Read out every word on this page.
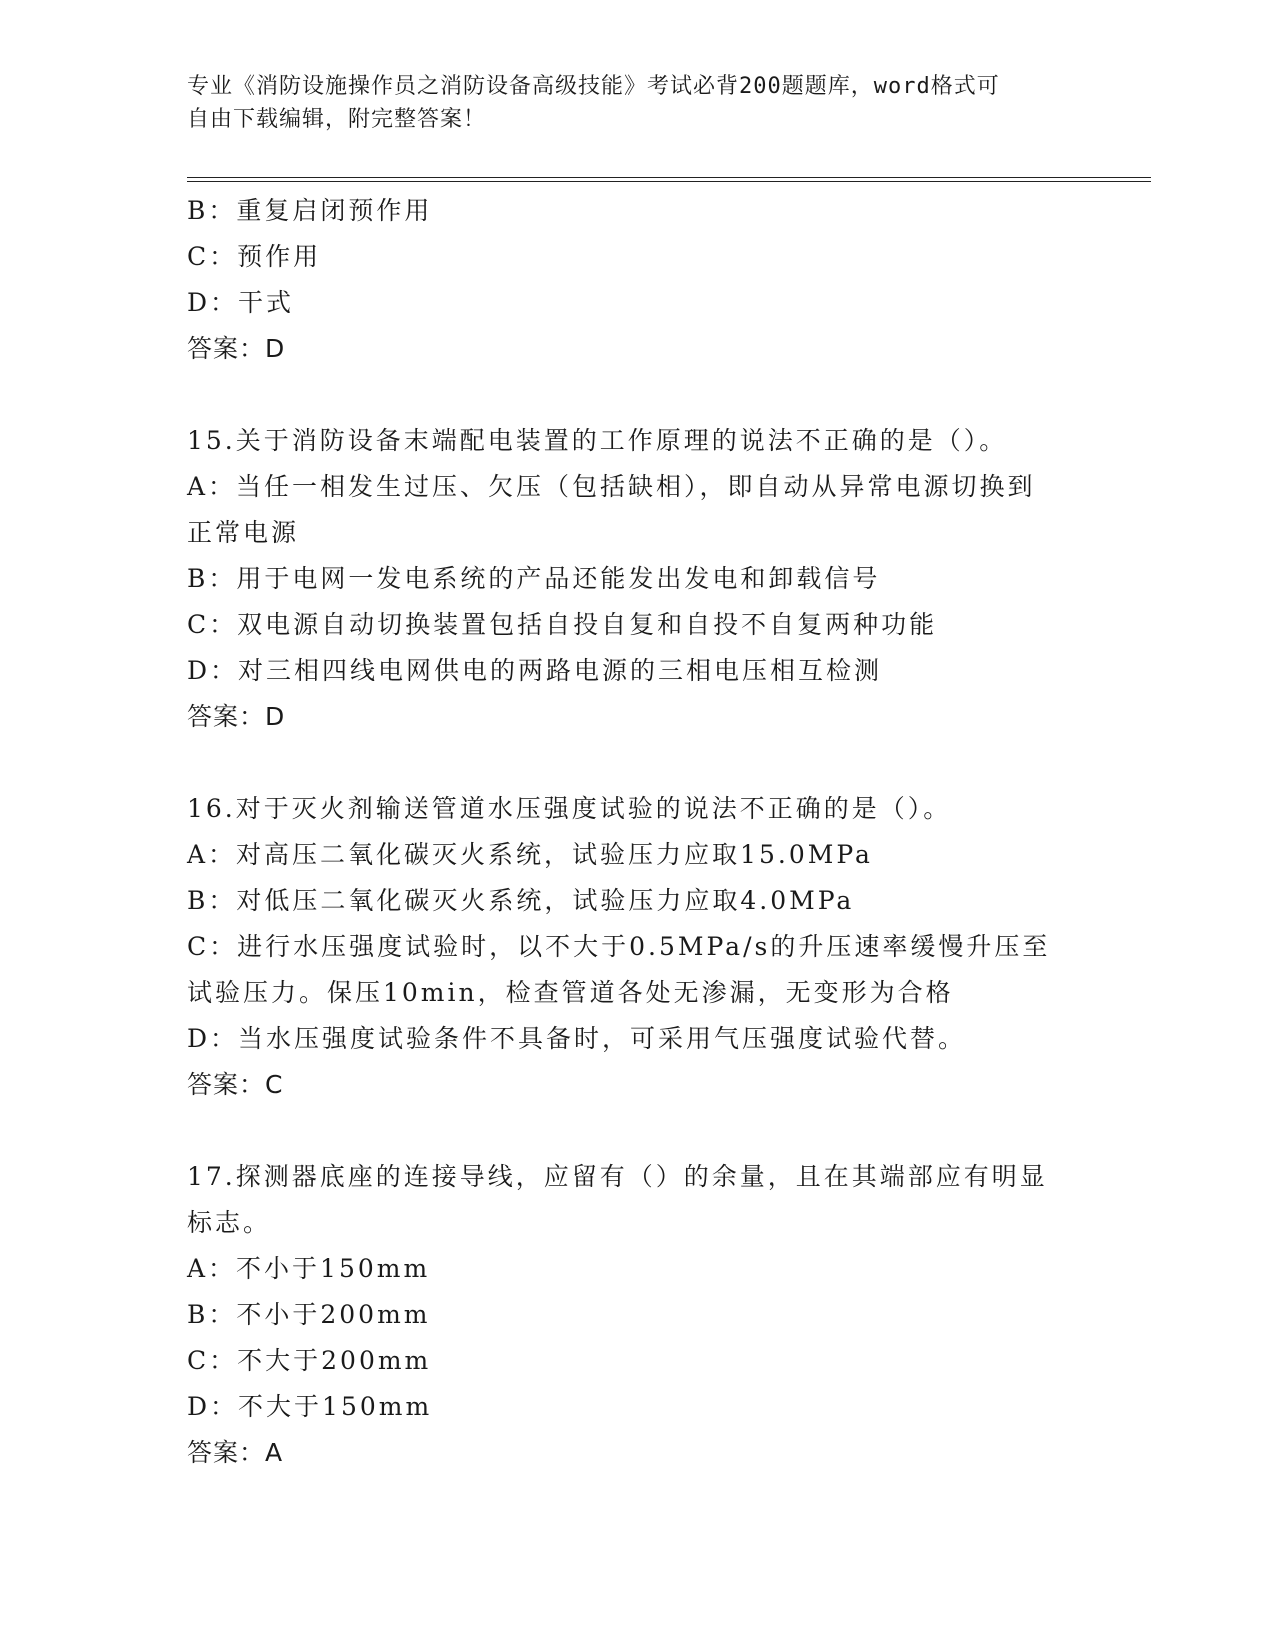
专业《消防设施操作员之消防设备高级技能》考试必背200题题库，word格式可
自由下载编辑，附完整答案！
B：重复启闭预作用
C：预作用
D：干式
答案：D
15.关于消防设备末端配电装置的工作原理的说法不正确的是（）。
A：当任一相发生过压、欠压（包括缺相），即自动从异常电源切换到
正常电源
B：用于电网一发电系统的产品还能发出发电和卸载信号
C：双电源自动切换装置包括自投自复和自投不自复两种功能
D：对三相四线电网供电的两路电源的三相电压相互检测
答案：D
16.对于灭火剂输送管道水压强度试验的说法不正确的是（）。
A：对高压二氧化碳灭火系统，试验压力应取15.0MPa
B：对低压二氧化碳灭火系统，试验压力应取4.0MPa
C：进行水压强度试验时，以不大于0.5MPa/s的升压速率缓慢升压至
试验压力。保压10min，检查管道各处无渗漏，无变形为合格
D：当水压强度试验条件不具备时，可采用气压强度试验代替。
答案：C
17.探测器底座的连接导线，应留有（）的余量，且在其端部应有明显
标志。
A：不小于150mm
B：不小于200mm
C：不大于200mm
D：不大于150mm
答案：A
